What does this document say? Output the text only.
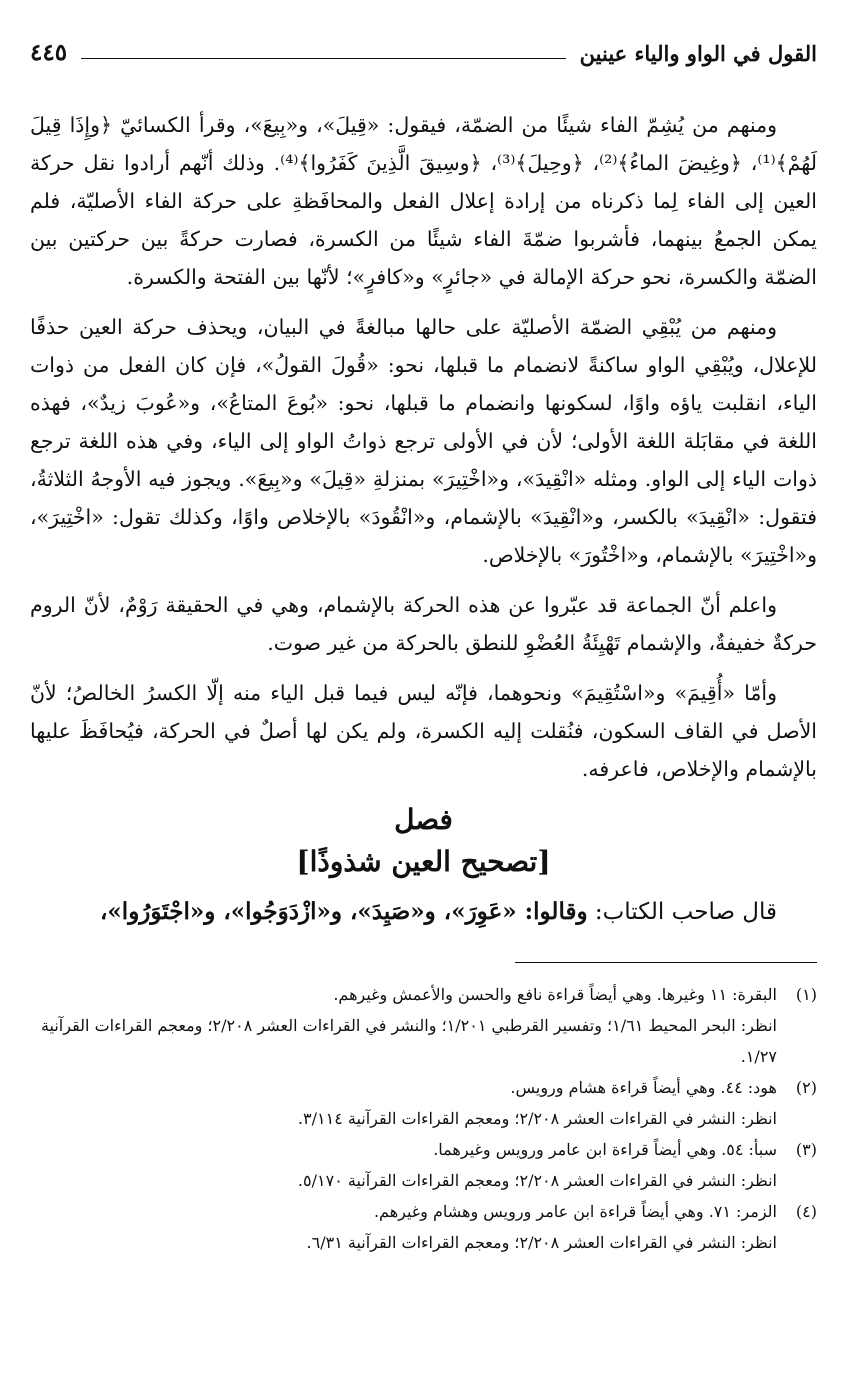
القول في الواو والياء عينين
٤٤٥

ومنهم من يُشِمّ الفاء شيئًا من الضمّة، فيقول: «قِيلَ»، و«بِيعَ»، وقرأ الكسائيّ ﴿وإِذَا قِيلَ لَهُمْ﴾⁽¹⁾، ﴿وغِيضَ الماءُ﴾⁽²⁾، ﴿وحِيلَ﴾⁽³⁾، ﴿وسِيقَ الَّذِينَ كَفَرُوا﴾⁽⁴⁾. وذلك أنّهم أرادوا نقل حركة العين إلى الفاء لِما ذكرناه من إرادة إعلال الفعل والمحافَظةِ على حركة الفاء الأصليّة، فلم يمكن الجمعُ بينهما، فأشربوا ضمّةَ الفاء شيئًا من الكسرة، فصارت حركةً بين حركتين بين الضمّة والكسرة، نحو حركة الإمالة في «جائرٍ» و«كافرٍ»؛ لأنّها بين الفتحة والكسرة.

ومنهم من يُبْقِي الضمّة الأصليّة على حالها مبالغةً في البيان، ويحذف حركة العين حذفًا للإعلال، ويُبْقِي الواو ساكنةً لانضمام ما قبلها، نحو: «قُولَ القولُ»، فإن كان الفعل من ذوات الياء، انقلبت ياؤه واوًا، لسكونها وانضمام ما قبلها، نحو: «بُوعَ المتاعُ»، و«عُوبَ زيدٌ»، فهذه اللغة في مقابَلة اللغة الأولى؛ لأن في الأولى ترجع ذواتُ الواو إلى الياء، وفي هذه اللغة ترجع ذوات الياء إلى الواو. ومثله «انْقِيدَ»، و«اخْتِيرَ» بمنزلةِ «قِيلَ» و«بِيعَ». ويجوز فيه الأوجهُ الثلاثةُ، فتقول: «انْقِيدَ» بالكسر، و«انْقِيدَ» بالإشمام، و«انْقُودَ» بالإخلاص واوًا، وكذلك تقول: «اخْتِيرَ»، و«اخْتِيرَ» بالإشمام، و«اخْتُورَ» بالإخلاص.

واعلم أنّ الجماعة قد عبّروا عن هذه الحركة بالإشمام، وهي في الحقيقة رَوْمٌ، لأنّ الروم حركةٌ خفيفةٌ، والإشمام تَهْيِئَةُ العُضْوِ للنطق بالحركة من غير صوت.

وأمّا «أُقِيمَ» و«اسْتُقِيمَ» ونحوهما، فإنّه ليس فيما قبل الياء منه إلّا الكسرُ الخالصُ؛ لأنّ الأصل في القاف السكون، فنُقلت إليه الكسرة، ولم يكن لها أصلٌ في الحركة، فيُحافَظَ عليها بالإشمام والإخلاص، فاعرفه.

فصل
[تصحيح العين شذوذًا]
قال صاحب الكتاب: وقالوا: «عَوِرَ»، و«صَيِدَ»، و«ازْدَوَجُوا»، و«اجْتَوَرُوا»،
(١)
البقرة: ١١ وغيرها. وهي أيضاً قراءة نافع والحسن والأعمش وغيرهم.
انظر: البحر المحيط ١/٦١؛ وتفسير القرطبي ١/٢٠١؛ والنشر في القراءات العشر ٢/٢٠٨؛ ومعجم القراءات القرآنية ١/٢٧.
(٢)
هود: ٤٤. وهي أيضاً قراءة هشام ورويس.
انظر: النشر في القراءات العشر ٢/٢٠٨؛ ومعجم القراءات القرآنية ٣/١١٤.
(٣)
سبأ: ٥٤. وهي أيضاً قراءة ابن عامر ورويس وغيرهما.
انظر: النشر في القراءات العشر ٢/٢٠٨؛ ومعجم القراءات القرآنية ٥/١٧٠.
(٤)
الزمر: ٧١. وهي أيضاً قراءة ابن عامر ورويس وهشام وغيرهم.
انظر: النشر في القراءات العشر ٢/٢٠٨؛ ومعجم القراءات القرآنية ٦/٣١.
